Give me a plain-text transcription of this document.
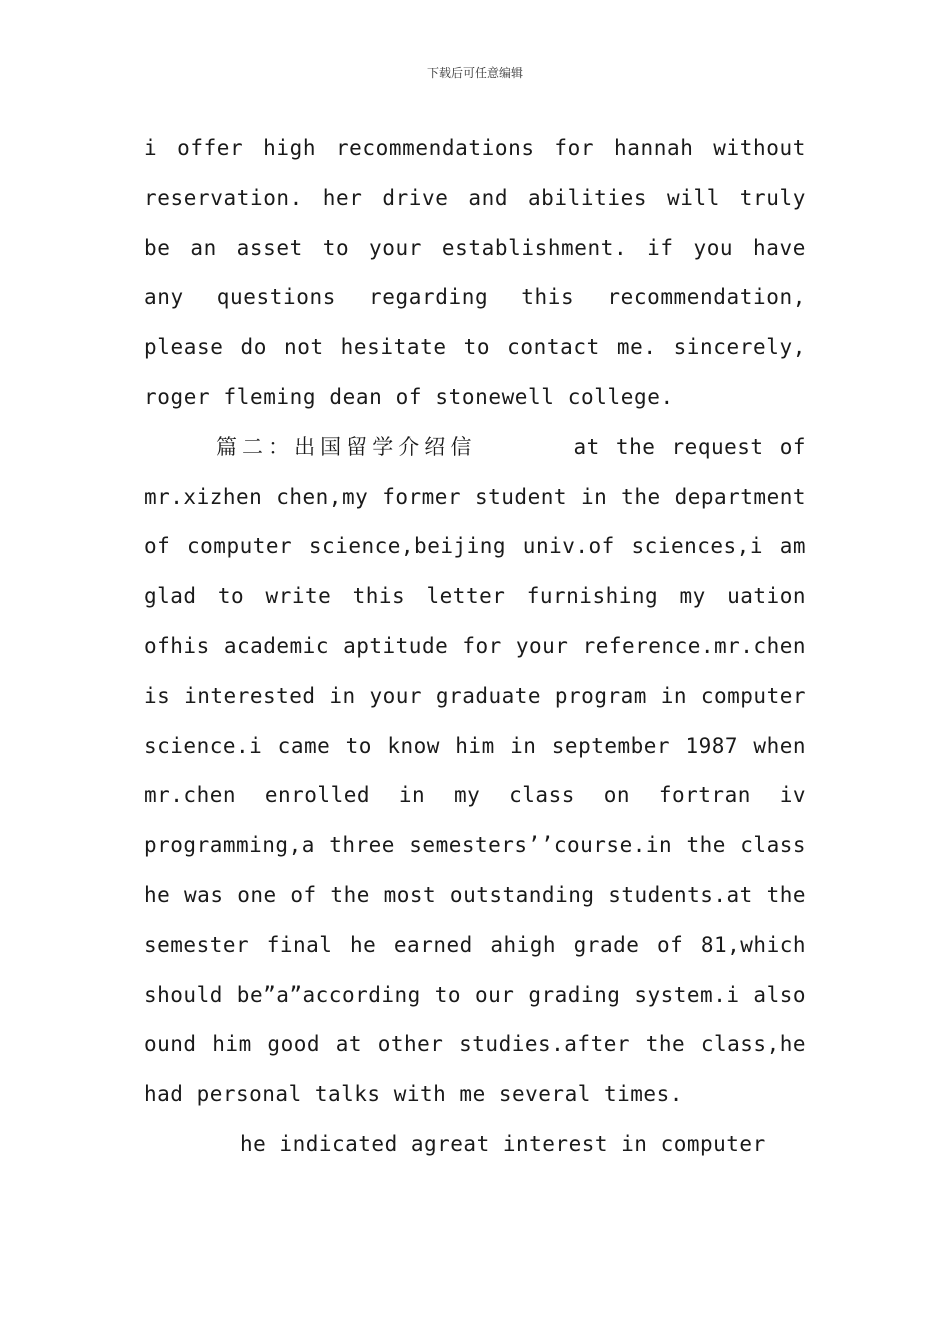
下载后可任意编辑

i offer high recommendations for hannah without reservation. her drive and abilities will truly be an asset to your establishment. if you have any questions regarding this recommendation, please do not hesitate to contact me. sincerely, roger fleming dean of stonewell college.

篇二：出国留学介绍信	at the request of mr.xizhen chen,my former student in the department of computer science,beijing univ.of sciences,i am glad to write this letter furnishing my uation ofhis academic aptitude for your reference.mr.chen is interested in your graduate program in computer science.i came to know him in september 1987 when mr.chen enrolled in my class on fortran iv programming,a three semesters’’course.in the class he was one of the most outstanding students.at the semester final he earned ahigh grade of 81,which should be”a”according to our grading system.i also ound him good at other studies.after the class,he had personal talks with me several times.

he indicated agreat interest in computer
